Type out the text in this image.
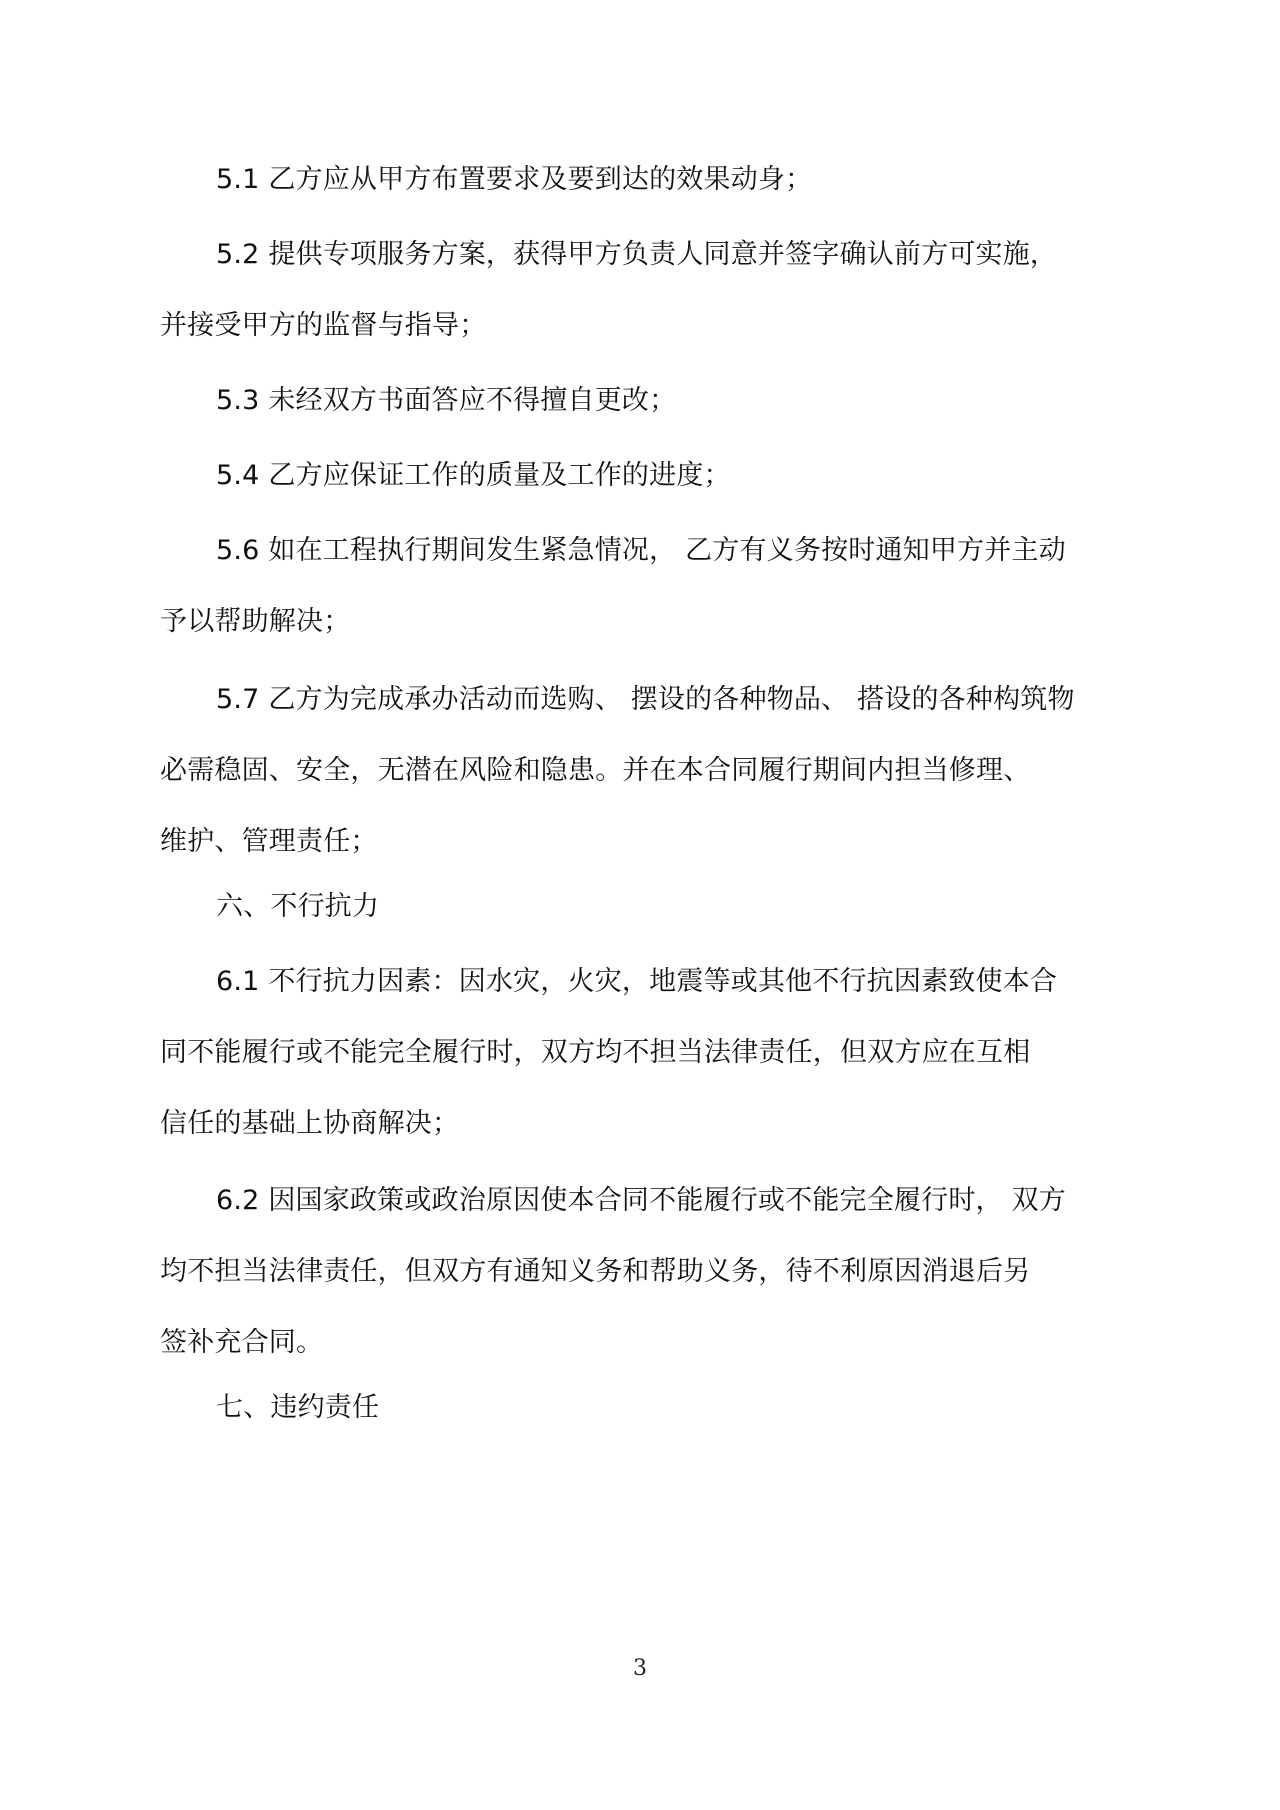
5.1 乙方应从甲方布置要求及要到达的效果动身；

5.2 提供专项服务方案，获得甲方负责人同意并签字确认前方可实施，
并接受甲方的监督与指导；

5.3 未经双方书面答应不得擅自更改；

5.4 乙方应保证工作的质量及工作的进度；

5.6 如在工程执行期间发生紧急情况， 乙方有义务按时通知甲方并主动
予以帮助解决；

5.7 乙方为完成承办活动而选购、 摆设的各种物品、 搭设的各种构筑物
必需稳固、安全，无潜在风险和隐患。并在本合同履行期间内担当修理、
维护、管理责任；

六、不行抗力

6.1 不行抗力因素：因水灾，火灾，地震等或其他不行抗因素致使本合
同不能履行或不能完全履行时，双方均不担当法律责任，但双方应在互相
信任的基础上协商解决；

6.2 因国家政策或政治原因使本合同不能履行或不能完全履行时， 双方
均不担当法律责任，但双方有通知义务和帮助义务，待不利原因消退后另
签补充合同。

七、违约责任

3
